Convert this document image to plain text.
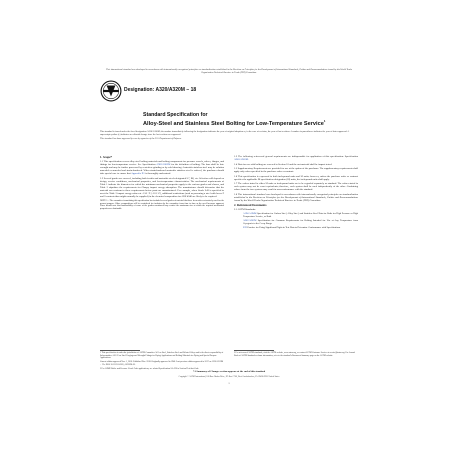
This international standard was developed in accordance with internationally recognized principles on standardization established in the Decision on Principles for the Development of International Standards, Guides and Recommendations issued by the World Trade Organization Technical Barriers to Trade (TBT) Committee.
Designation: A320/A320M − 18
Standard Specification for
Alloy-Steel and Stainless Steel Bolting for Low-Temperature Service$^1$

This standard is issued under the fixed designation A320/A320M; the number immediately following the designation indicates the year of original adoption or, in the case of revision, the year of last revision. A number in parentheses indicates the year of last reapproval. A superscript epsilon (ε) indicates an editorial change since the last revision or reapproval.

This standard has been approved for use by agencies of the U.S. Department of Defense.

1. Scope*

1.1 This specification covers alloy steel bolting materials and bolting components for pressure vessels, valves, flanges, and fittings for low-temperature service. See Specification A962/A962M for the definition of bolting. The bars shall be hot-wrought and may be further processed by centerless grinding or by cold drawing. Austenitic stainless steel may be solution annealed or annealed and strain-hardened. When strain-hardened austenitic stainless steel is ordered, the purchaser should take special care to ensure that Appendix X1 is thoroughly understood.

1.2 Several grades are covered, including both ferritic and austenitic steels designated L7, B8, etc. Selection will depend on design, service conditions, mechanical properties, and low-temperature characteristics. The mechanical requirements of Table 1 indicate the diameters for which the minimum mechanical properties apply to the various grades and classes, and Table 2 stipulates the requirements for Charpy impact energy absorption. The manufacturer should determine that the material can conform to these requirements before parts are manufactured. For example, when Grade L43 is specified to meet the Table 2 impact energy values at −150 °F [−101 °C], additional restrictions (such as procuring a steel with lower P and S contents than might normally be supplied) in the chemical composition for AISI 4340 are likely to be required.

NOTE 1—The committee formulating this specification has included several grades of material that have been rather extensively used for the present purpose. Other compositions will be considered for inclusion by the committee from time to time as the need becomes apparent. Users should note that hardenability of some of the grades mentioned may restrict the maximum size at which the required mechanical properties are obtainable.

1.3 The following referenced general requirements are indispensable for application of this specification: Specification A962/A962M.

1.4 Nuts for use with bolting are covered in Section 10 and the nut material shall be impact tested.

1.5 Supplementary Requirements are provided for use at the option of the purchaser. The supplementary requirements shall apply only when specified in the purchase order or contract.

1.6 This specification is expressed in both inch-pound units and SI units; however, unless the purchase order or contract specifies the applicable M specification designation (SI) units, the inch-pound units shall apply.

1.7 The values stated in either SI units or inch-pound units are to be regarded separately as standard. The values stated in each system may not be exact equivalents; therefore, each system shall be used independently of the other. Combining values from the two systems may result in non-conformance with the standard.

1.8 This international standard was developed in accordance with internationally recognized principles on standardization established in the Decision on Principles for the Development of International Standards, Guides and Recommendations issued by the World Trade Organization Technical Barriers to Trade (TBT) Committee.

2. Referenced Documents

2.1 ASTM Standards:

A194/A194M Specification for Carbon Steel, Alloy Steel, and Stainless Steel Nuts for Bolts for High Pressure or High Temperature Service, or Both
A962/A962M Specification for Common Requirements for Bolting Intended for Use at Any Temperature from Cryogenic to the Creep Range
E29 Practice for Using Significant Digits in Test Data to Determine Conformance with Specifications

1 This specification is under the jurisdiction of ASTM Committee A01 on Steel, Stainless Steel and Related Alloys and is the direct responsibility of Subcommittee A01.22 on Steel Forgings and Wrought Fittings for Piping Applications and Bolting Materials for Piping and Special Purpose Applications.

Current edition approved Nov. 1, 2018. Published Nov. 2018. Originally approved in 1948. Last previous edition approved in 2017 as A320/A320M − 17a. DOI: 10.1520/A0320_A0320M-18.

2 For ASME Boiler and Pressure Vessel Code applications, see related Specification SA-320 in Section II of that Code.

3 For referenced ASTM standards, visit the ASTM website, www.astm.org, or contact ASTM Customer Service at service@astm.org. For Annual Book of ASTM Standards volume information, refer to the standard's Document Summary page on the ASTM website.

*A Summary of Changes section appears at the end of this standard
Copyright © ASTM International, 100 Barr Harbor Drive, PO Box C700, West Conshohocken, PA 19428-2959. United States
1
